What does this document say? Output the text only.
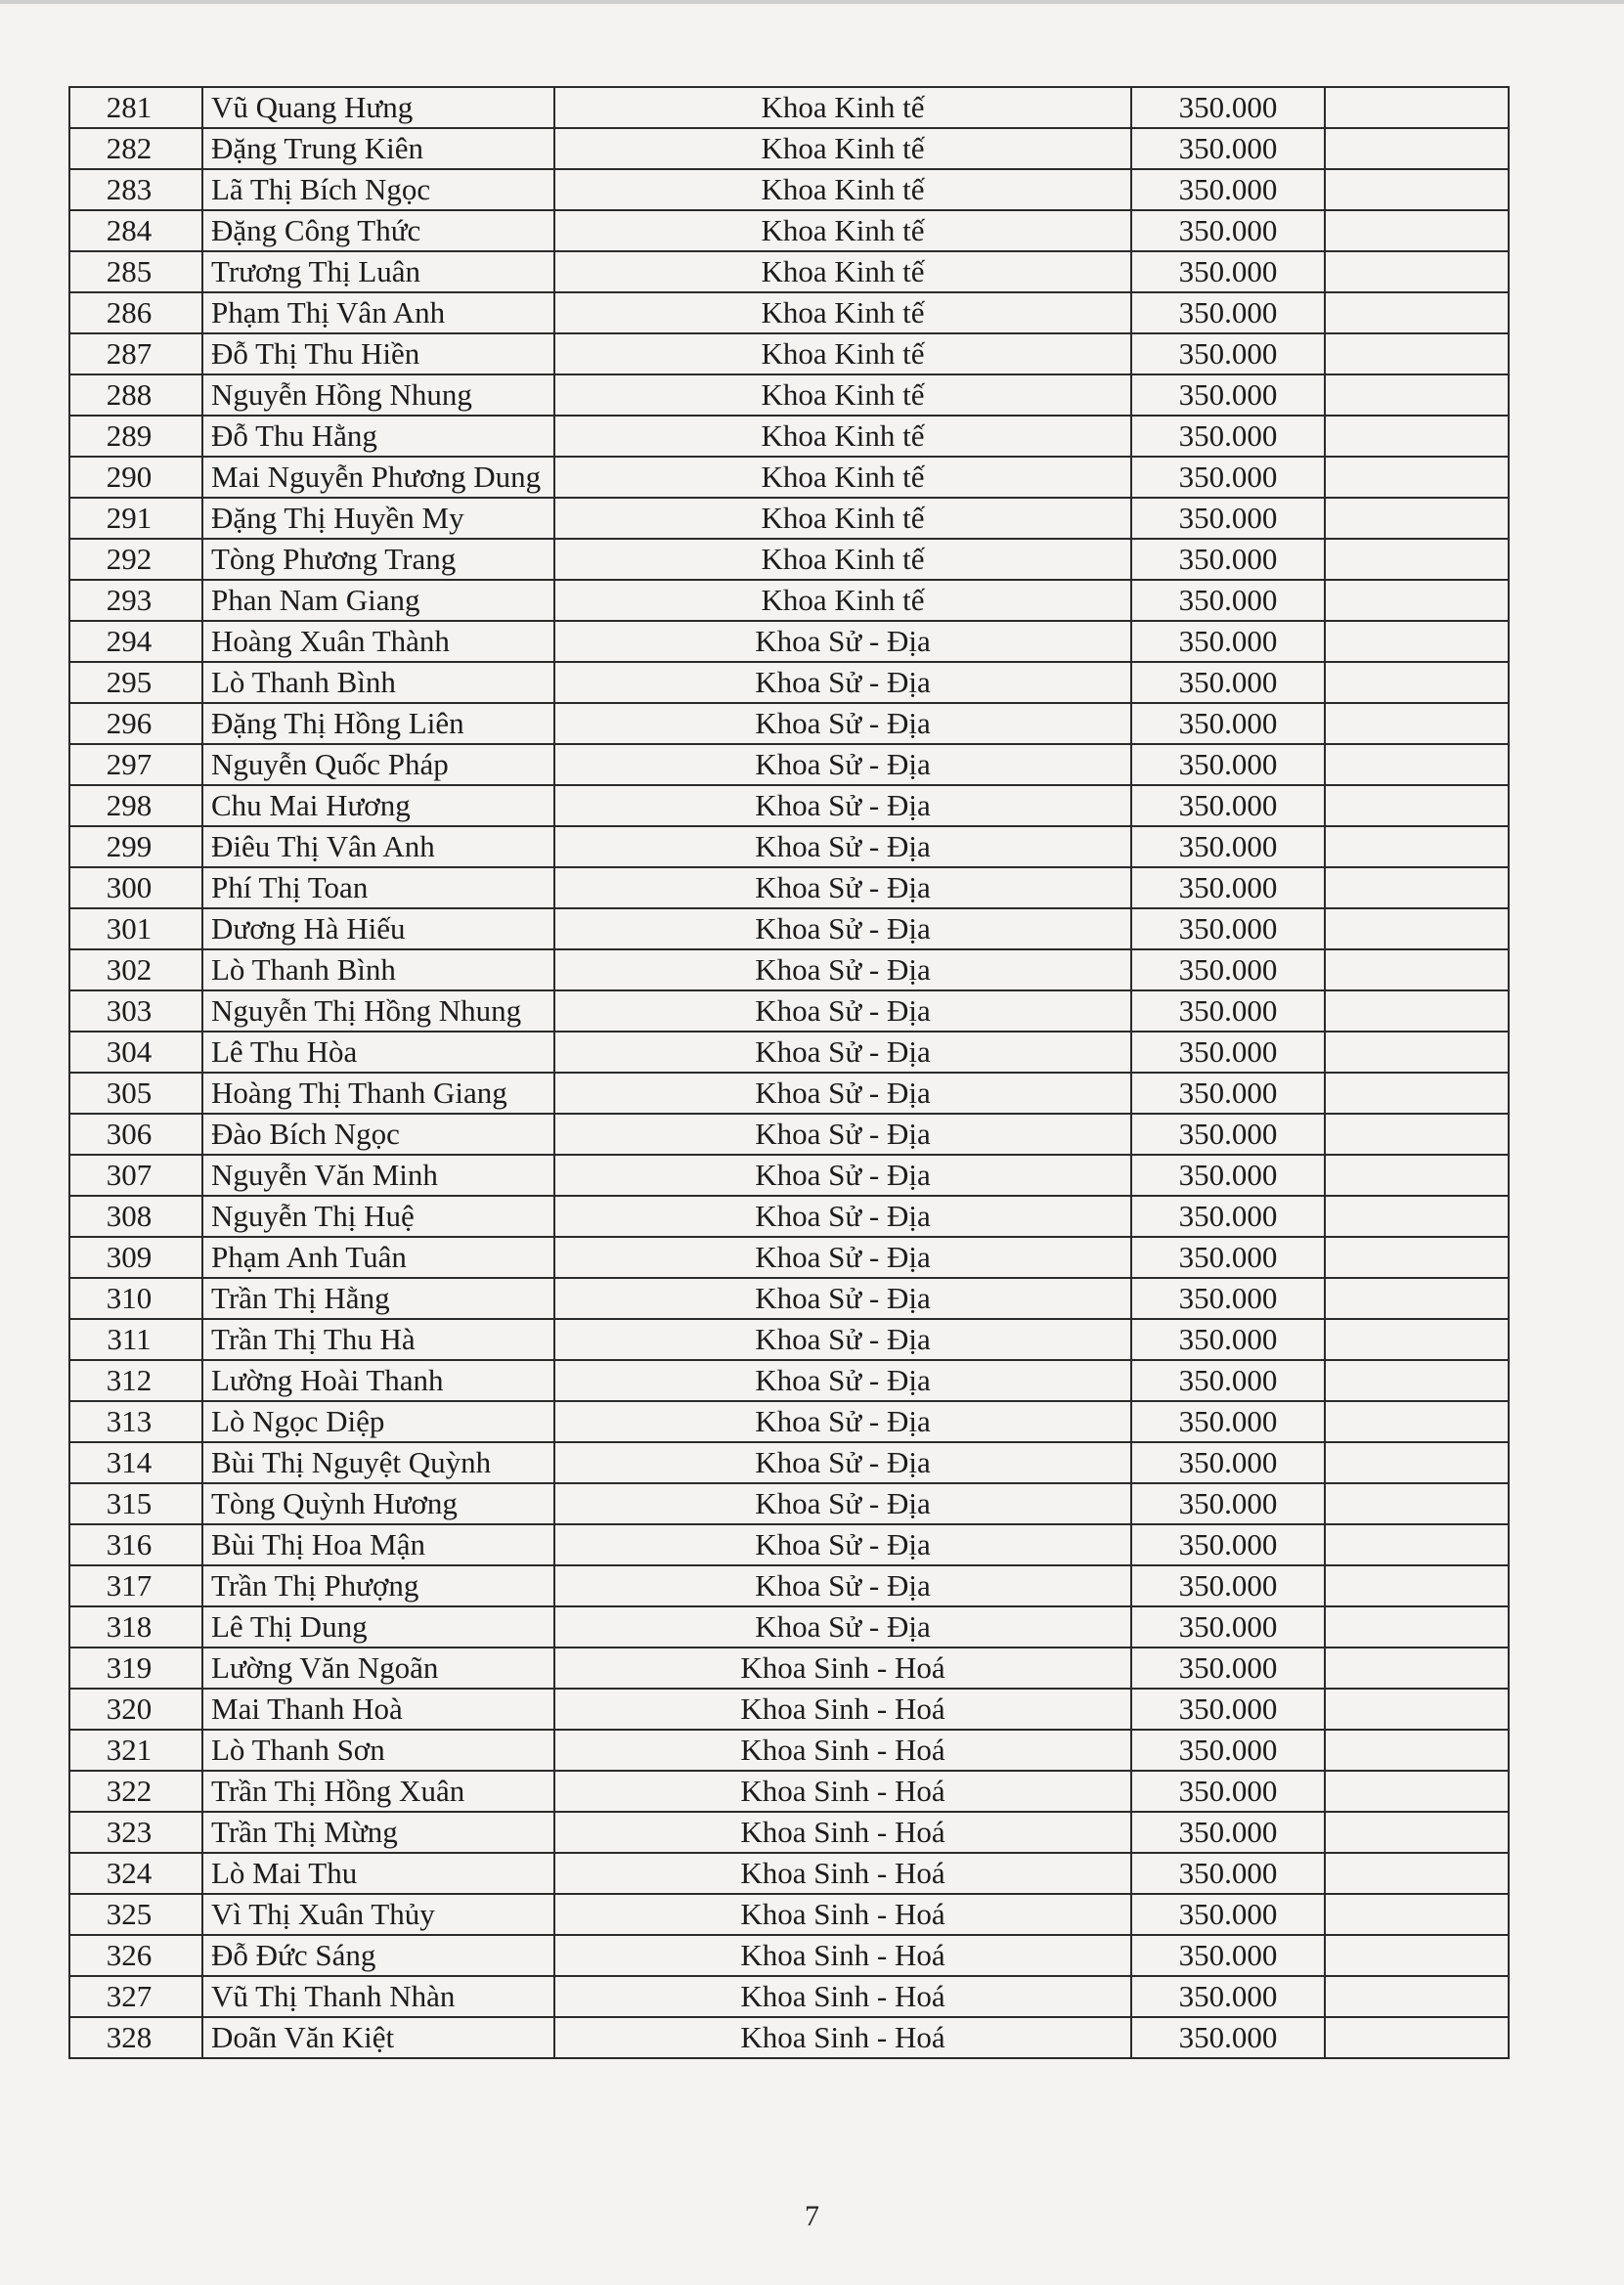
281	Vũ Quang Hưng	Khoa Kinh tế	350.000	
282	Đặng Trung Kiên	Khoa Kinh tế	350.000	
283	Lã Thị Bích Ngọc	Khoa Kinh tế	350.000	
284	Đặng Công Thức	Khoa Kinh tế	350.000	
285	Trương Thị Luân	Khoa Kinh tế	350.000	
286	Phạm Thị Vân Anh	Khoa Kinh tế	350.000	
287	Đỗ Thị Thu Hiền	Khoa Kinh tế	350.000	
288	Nguyễn Hồng Nhung	Khoa Kinh tế	350.000	
289	Đỗ Thu Hằng	Khoa Kinh tế	350.000	
290	Mai Nguyễn Phương Dung	Khoa Kinh tế	350.000	
291	Đặng Thị Huyền My	Khoa Kinh tế	350.000	
292	Tòng Phương Trang	Khoa Kinh tế	350.000	
293	Phan Nam Giang	Khoa Kinh tế	350.000	
294	Hoàng Xuân Thành	Khoa Sử - Địa	350.000	
295	Lò Thanh Bình	Khoa Sử - Địa	350.000	
296	Đặng Thị Hồng Liên	Khoa Sử - Địa	350.000	
297	Nguyễn Quốc Pháp	Khoa Sử - Địa	350.000	
298	Chu Mai Hương	Khoa Sử - Địa	350.000	
299	Điêu Thị Vân Anh	Khoa Sử - Địa	350.000	
300	Phí Thị Toan	Khoa Sử - Địa	350.000	
301	Dương Hà Hiếu	Khoa Sử - Địa	350.000	
302	Lò Thanh Bình	Khoa Sử - Địa	350.000	
303	Nguyễn Thị Hồng Nhung	Khoa Sử - Địa	350.000	
304	Lê Thu Hòa	Khoa Sử - Địa	350.000	
305	Hoàng Thị Thanh Giang	Khoa Sử - Địa	350.000	
306	Đào Bích Ngọc	Khoa Sử - Địa	350.000	
307	Nguyễn Văn Minh	Khoa Sử - Địa	350.000	
308	Nguyễn Thị Huệ	Khoa Sử - Địa	350.000	
309	Phạm Anh Tuân	Khoa Sử - Địa	350.000	
310	Trần Thị Hằng	Khoa Sử - Địa	350.000	
311	Trần Thị Thu Hà	Khoa Sử - Địa	350.000	
312	Lường Hoài Thanh	Khoa Sử - Địa	350.000	
313	Lò Ngọc Diệp	Khoa Sử - Địa	350.000	
314	Bùi Thị Nguyệt Quỳnh	Khoa Sử - Địa	350.000	
315	Tòng Quỳnh Hương	Khoa Sử - Địa	350.000	
316	Bùi Thị Hoa Mận	Khoa Sử - Địa	350.000	
317	Trần Thị Phượng	Khoa Sử - Địa	350.000	
318	Lê Thị Dung	Khoa Sử - Địa	350.000	
319	Lường Văn Ngoãn	Khoa Sinh - Hoá	350.000	
320	Mai Thanh Hoà	Khoa Sinh - Hoá	350.000	
321	Lò Thanh Sơn	Khoa Sinh - Hoá	350.000	
322	Trần Thị Hồng Xuân	Khoa Sinh - Hoá	350.000	
323	Trần Thị Mừng	Khoa Sinh - Hoá	350.000	
324	Lò Mai Thu	Khoa Sinh - Hoá	350.000	
325	Vì Thị Xuân Thủy	Khoa Sinh - Hoá	350.000	
326	Đỗ Đức Sáng	Khoa Sinh - Hoá	350.000	
327	Vũ Thị Thanh Nhàn	Khoa Sinh - Hoá	350.000	
328	Doãn Văn Kiệt	Khoa Sinh - Hoá	350.000	
7
